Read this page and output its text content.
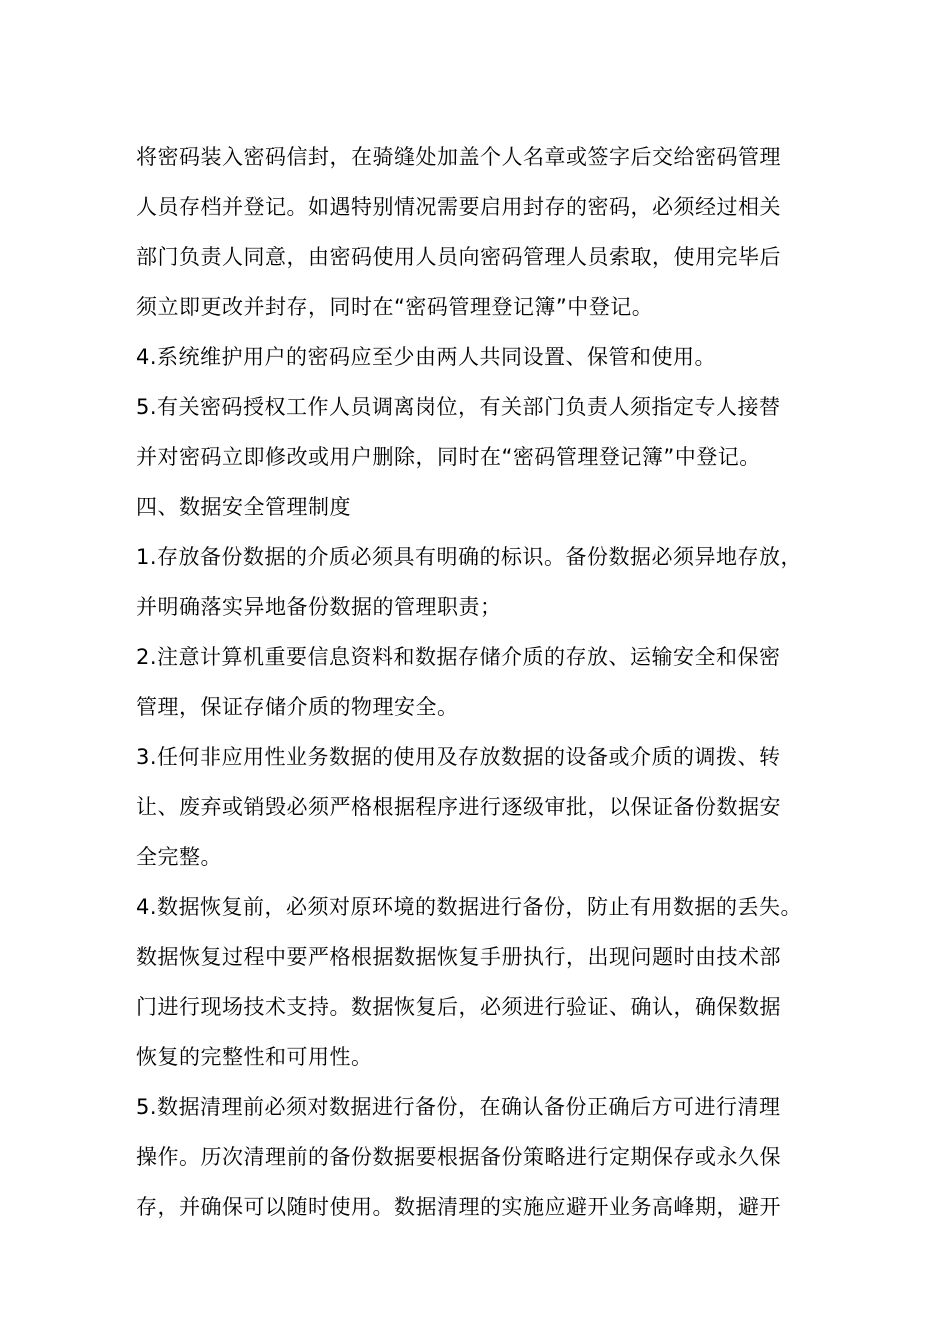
将密码装入密码信封，在骑缝处加盖个人名章或签字后交给密码管理
人员存档并登记。如遇特别情况需要启用封存的密码，必须经过相关
部门负责人同意，由密码使用人员向密码管理人员索取，使用完毕后
须立即更改并封存，同时在“密码管理登记簿”中登记。
4.系统维护用户的密码应至少由两人共同设置、保管和使用。
5.有关密码授权工作人员调离岗位，有关部门负责人须指定专人接替
并对密码立即修改或用户删除，同时在“密码管理登记簿”中登记。
四、数据安全管理制度
1.存放备份数据的介质必须具有明确的标识。备份数据必须异地存放，
并明确落实异地备份数据的管理职责；
2.注意计算机重要信息资料和数据存储介质的存放、运输安全和保密
管理，保证存储介质的物理安全。
3.任何非应用性业务数据的使用及存放数据的设备或介质的调拨、转
让、废弃或销毁必须严格根据程序进行逐级审批，以保证备份数据安
全完整。
4.数据恢复前，必须对原环境的数据进行备份，防止有用数据的丢失。
数据恢复过程中要严格根据数据恢复手册执行，出现问题时由技术部
门进行现场技术支持。数据恢复后，必须进行验证、确认，确保数据
恢复的完整性和可用性。
5.数据清理前必须对数据进行备份，在确认备份正确后方可进行清理
操作。历次清理前的备份数据要根据备份策略进行定期保存或永久保
存，并确保可以随时使用。数据清理的实施应避开业务高峰期，避开
